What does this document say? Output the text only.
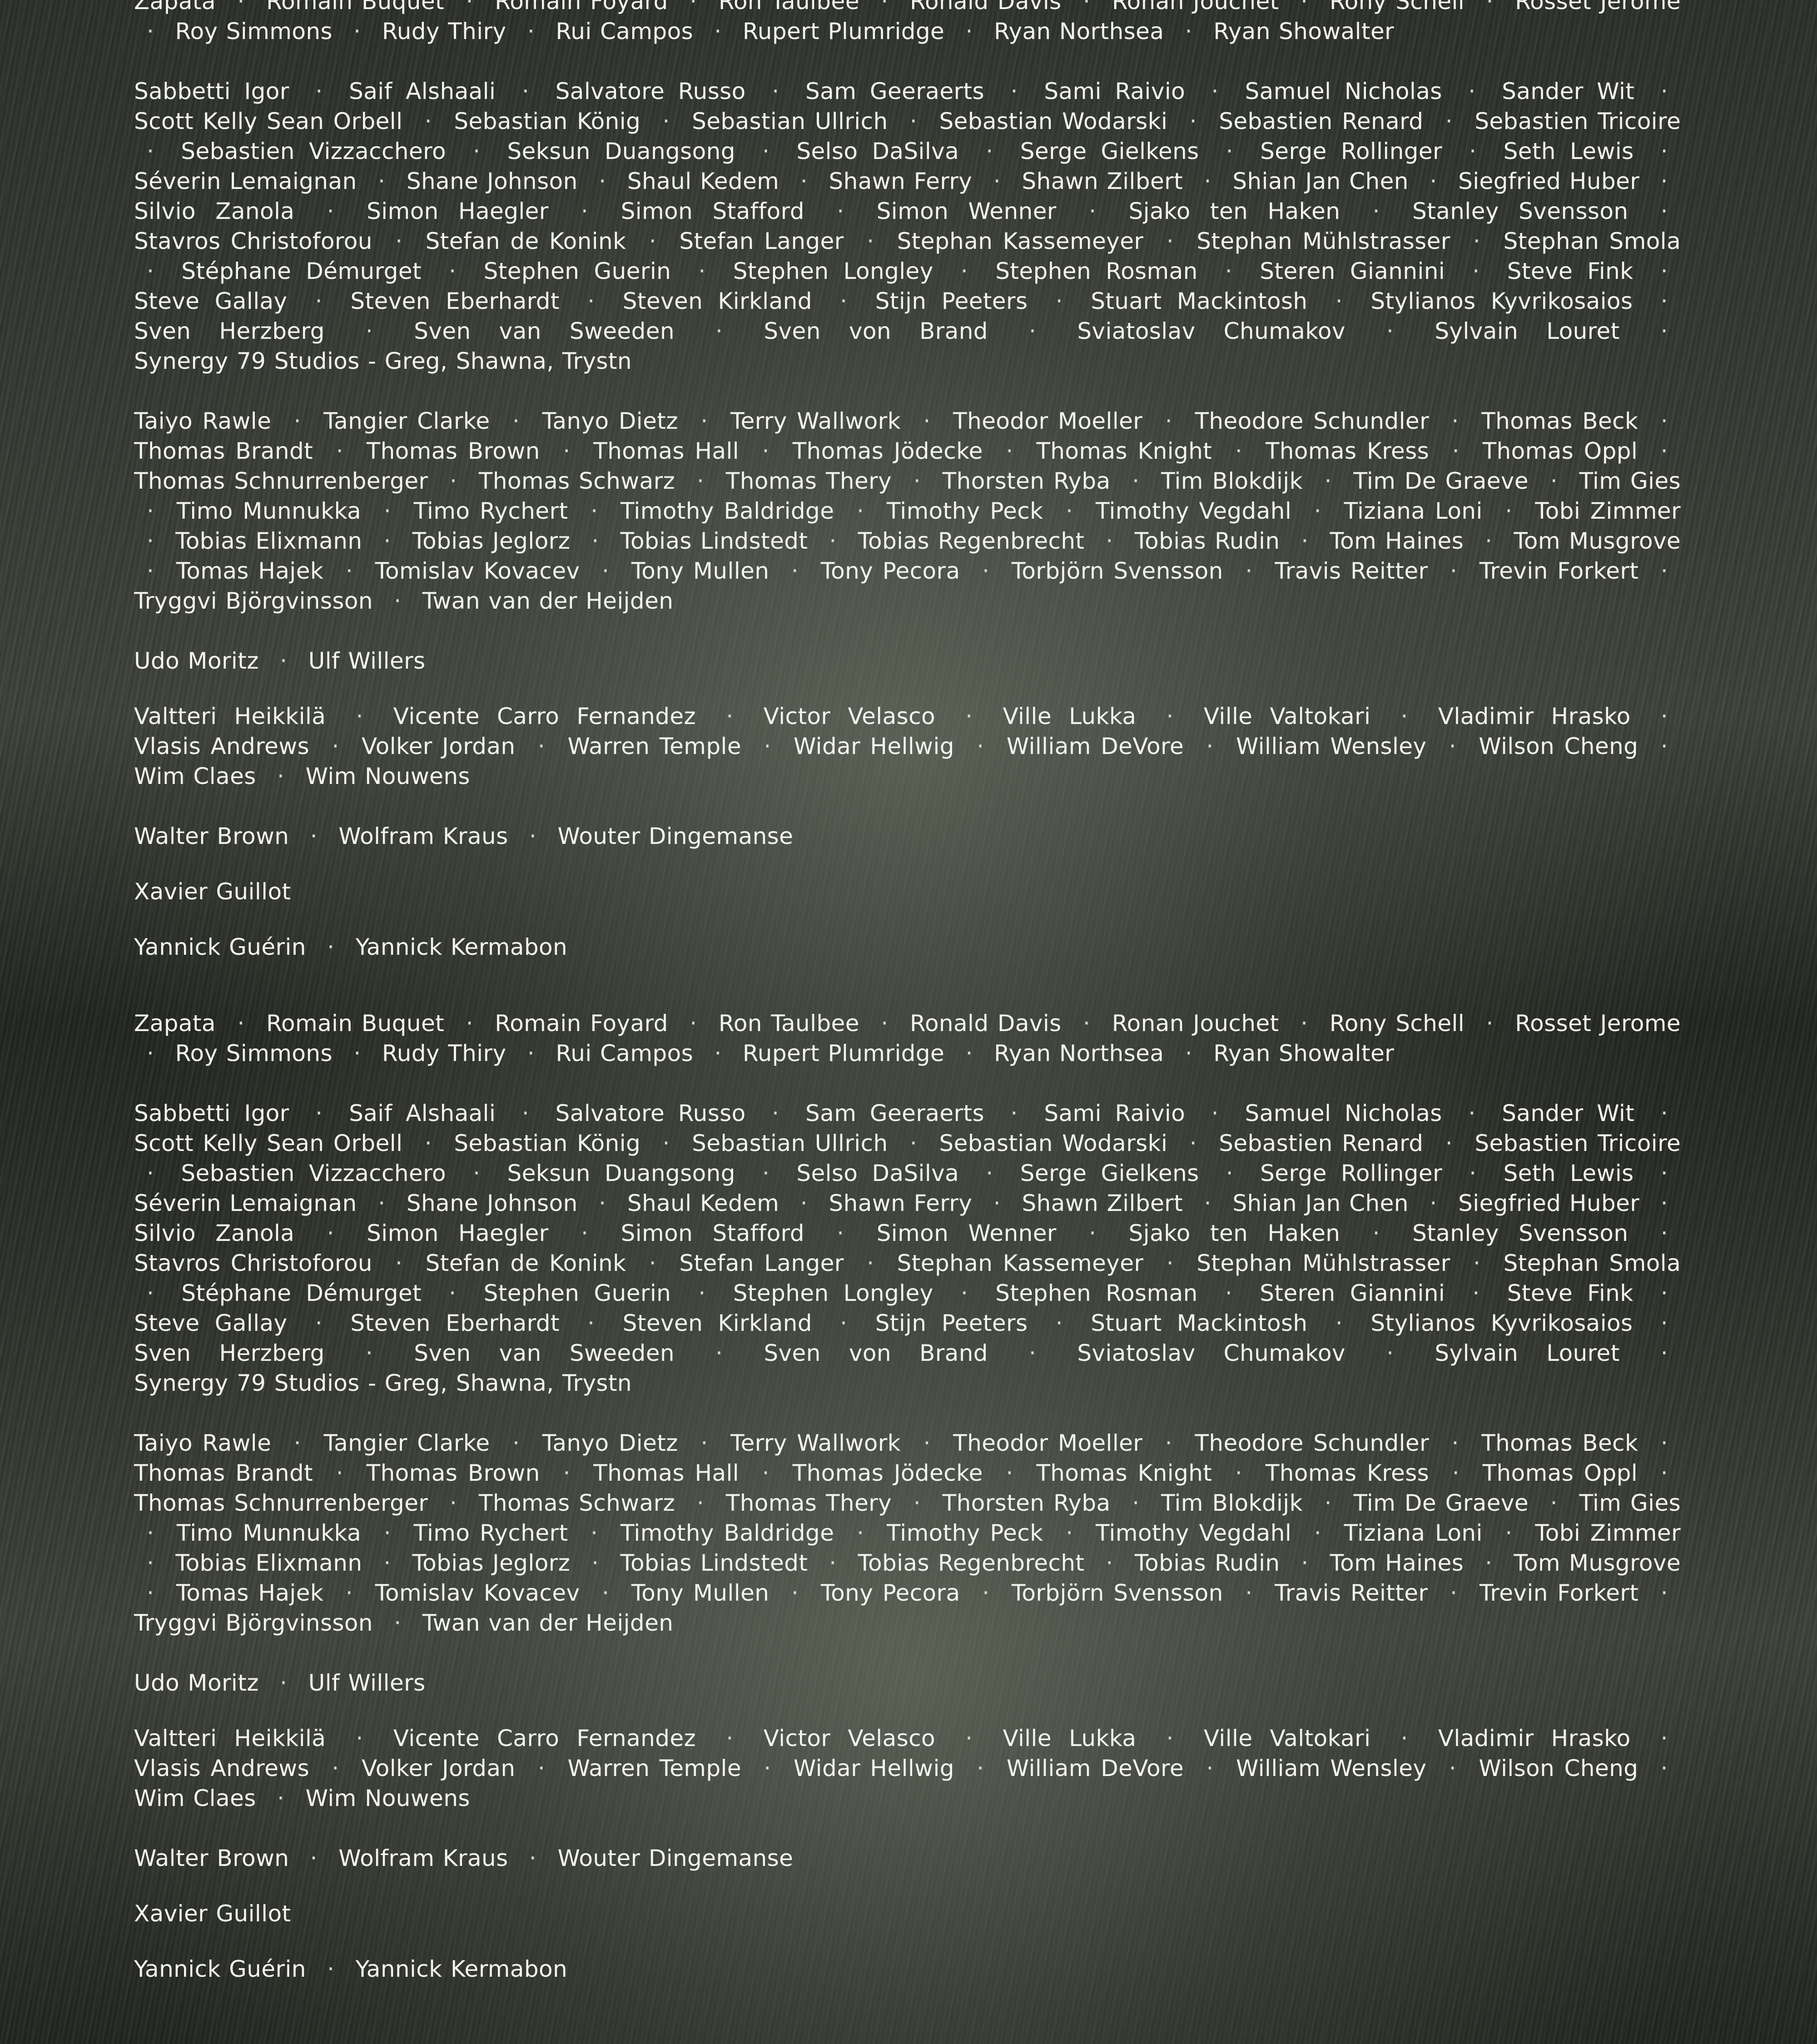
Zapata · Romain Buquet · Romain Foyard · Ron Taulbee · Ronald Davis · Ronan Jouchet · Rony Schell · Rosset Jerome · Roy Simmons · Rudy Thiry · Rui Campos · Rupert Plumridge · Ryan Northsea · Ryan Showalter

Sabbetti Igor · Saif Alshaali · Salvatore Russo · Sam Geeraerts · Sami Raivio · Samuel Nicholas · Sander Wit · Scott Kelly Sean Orbell · Sebastian König · Sebastian Ullrich · Sebastian Wodarski · Sebastien Renard · Sebastien Tricoire · Sebastien Vizzacchero · Seksun Duangsong · Selso DaSilva · Serge Gielkens · Serge Rollinger · Seth Lewis · Séverin Lemaignan · Shane Johnson · Shaul Kedem · Shawn Ferry · Shawn Zilbert · Shian Jan Chen · Siegfried Huber · Silvio Zanola · Simon Haegler · Simon Stafford · Simon Wenner · Sjako ten Haken · Stanley Svensson · Stavros Christoforou · Stefan de Konink · Stefan Langer · Stephan Kassemeyer · Stephan Mühlstrasser · Stephan Smola · Stéphane Démurget · Stephen Guerin · Stephen Longley · Stephen Rosman · Steren Giannini · Steve Fink · Steve Gallay · Steven Eberhardt · Steven Kirkland · Stijn Peeters · Stuart Mackintosh · Stylianos Kyvrikosaios · Sven Herzberg · Sven van Sweeden · Sven von Brand · Sviatoslav Chumakov · Sylvain Louret · Synergy 79 Studios - Greg, Shawna, Trystn

Taiyo Rawle · Tangier Clarke · Tanyo Dietz · Terry Wallwork · Theodor Moeller · Theodore Schundler · Thomas Beck · Thomas Brandt · Thomas Brown · Thomas Hall · Thomas Jödecke · Thomas Knight · Thomas Kress · Thomas Oppl · Thomas Schnurrenberger · Thomas Schwarz · Thomas Thery · Thorsten Ryba · Tim Blokdijk · Tim De Graeve · Tim Gies · Timo Munnukka · Timo Rychert · Timothy Baldridge · Timothy Peck · Timothy Vegdahl · Tiziana Loni · Tobi Zimmer · Tobias Elixmann · Tobias Jeglorz · Tobias Lindstedt · Tobias Regenbrecht · Tobias Rudin · Tom Haines · Tom Musgrove · Tomas Hajek · Tomislav Kovacev · Tony Mullen · Tony Pecora · Torbjörn Svensson · Travis Reitter · Trevin Forkert · Tryggvi Björgvinsson · Twan van der Heijden

Udo Moritz · Ulf Willers

Valtteri Heikkilä · Vicente Carro Fernandez · Victor Velasco · Ville Lukka · Ville Valtokari · Vladimir Hrasko · Vlasis Andrews · Volker Jordan · Warren Temple · Widar Hellwig · William DeVore · William Wensley · Wilson Cheng · Wim Claes · Wim Nouwens

Walter Brown · Wolfram Kraus · Wouter Dingemanse

Xavier Guillot

Yannick Guérin · Yannick Kermabon

Zapata · Romain Buquet · Romain Foyard · Ron Taulbee · Ronald Davis · Ronan Jouchet · Rony Schell · Rosset Jerome · Roy Simmons · Rudy Thiry · Rui Campos · Rupert Plumridge · Ryan Northsea · Ryan Showalter

Sabbetti Igor · Saif Alshaali · Salvatore Russo · Sam Geeraerts · Sami Raivio · Samuel Nicholas · Sander Wit · Scott Kelly Sean Orbell · Sebastian König · Sebastian Ullrich · Sebastian Wodarski · Sebastien Renard · Sebastien Tricoire · Sebastien Vizzacchero · Seksun Duangsong · Selso DaSilva · Serge Gielkens · Serge Rollinger · Seth Lewis · Séverin Lemaignan · Shane Johnson · Shaul Kedem · Shawn Ferry · Shawn Zilbert · Shian Jan Chen · Siegfried Huber · Silvio Zanola · Simon Haegler · Simon Stafford · Simon Wenner · Sjako ten Haken · Stanley Svensson · Stavros Christoforou · Stefan de Konink · Stefan Langer · Stephan Kassemeyer · Stephan Mühlstrasser · Stephan Smola · Stéphane Démurget · Stephen Guerin · Stephen Longley · Stephen Rosman · Steren Giannini · Steve Fink · Steve Gallay · Steven Eberhardt · Steven Kirkland · Stijn Peeters · Stuart Mackintosh · Stylianos Kyvrikosaios · Sven Herzberg · Sven van Sweeden · Sven von Brand · Sviatoslav Chumakov · Sylvain Louret · Synergy 79 Studios - Greg, Shawna, Trystn

Taiyo Rawle · Tangier Clarke · Tanyo Dietz · Terry Wallwork · Theodor Moeller · Theodore Schundler · Thomas Beck · Thomas Brandt · Thomas Brown · Thomas Hall · Thomas Jödecke · Thomas Knight · Thomas Kress · Thomas Oppl · Thomas Schnurrenberger · Thomas Schwarz · Thomas Thery · Thorsten Ryba · Tim Blokdijk · Tim De Graeve · Tim Gies · Timo Munnukka · Timo Rychert · Timothy Baldridge · Timothy Peck · Timothy Vegdahl · Tiziana Loni · Tobi Zimmer · Tobias Elixmann · Tobias Jeglorz · Tobias Lindstedt · Tobias Regenbrecht · Tobias Rudin · Tom Haines · Tom Musgrove · Tomas Hajek · Tomislav Kovacev · Tony Mullen · Tony Pecora · Torbjörn Svensson · Travis Reitter · Trevin Forkert · Tryggvi Björgvinsson · Twan van der Heijden

Udo Moritz · Ulf Willers

Valtteri Heikkilä · Vicente Carro Fernandez · Victor Velasco · Ville Lukka · Ville Valtokari · Vladimir Hrasko · Vlasis Andrews · Volker Jordan · Warren Temple · Widar Hellwig · William DeVore · William Wensley · Wilson Cheng · Wim Claes · Wim Nouwens

Walter Brown · Wolfram Kraus · Wouter Dingemanse

Xavier Guillot

Yannick Guérin · Yannick Kermabon
